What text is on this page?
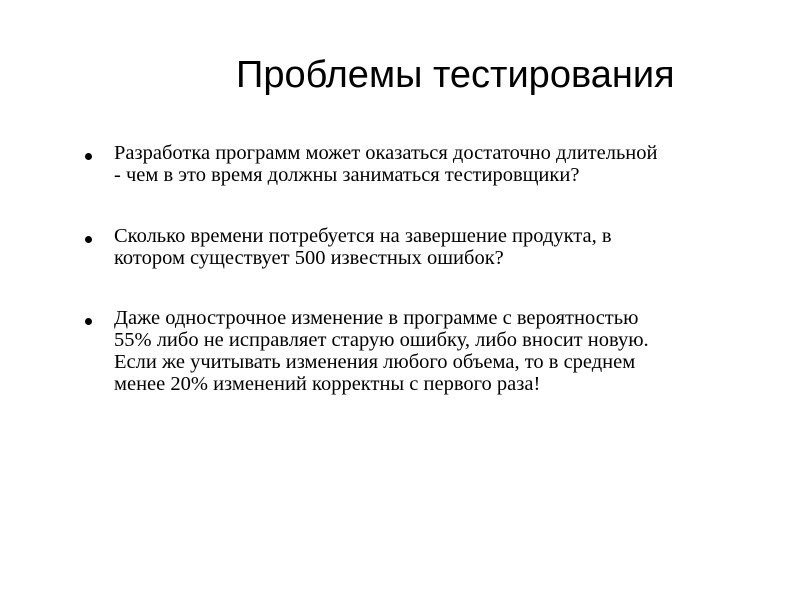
Проблемы тестирования
Разработка программ может оказаться достаточно длительной
- чем в это время должны заниматься тестировщики?
Сколько времени потребуется на завершение продукта, в
котором существует 500 известных ошибок?
Даже однострочное изменение в программе с вероятностью
55% либо не исправляет старую ошибку, либо вносит новую.
Если же учитывать изменения любого объема, то в среднем
менее 20% изменений корректны с первого раза!
